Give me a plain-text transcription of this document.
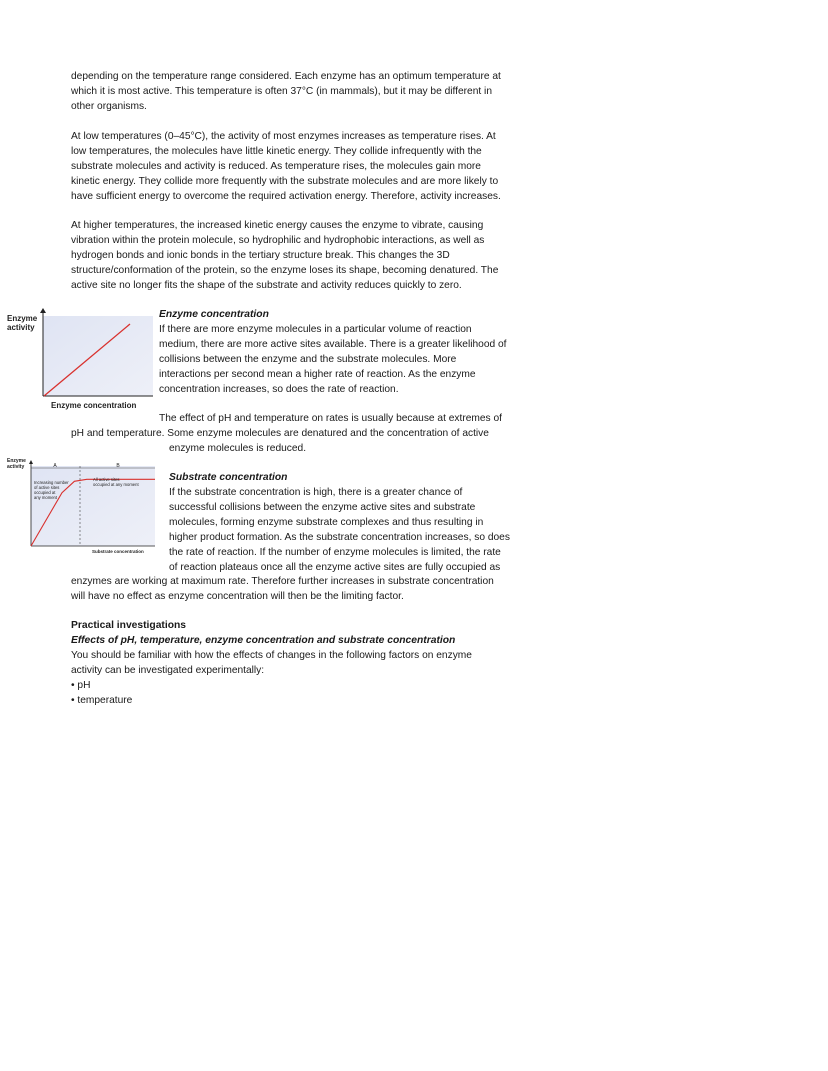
depending on the temperature range considered. Each enzyme has an optimum temperature at
which it is most active. This temperature is often 37°C (in mammals), but it may be different in
other organisms.
At low temperatures (0–45°C), the activity of most enzymes increases as temperature rises. At
low temperatures, the molecules have little kinetic energy. They collide infrequently with the
substrate molecules and activity is reduced. As temperature rises, the molecules gain more
kinetic energy. They collide more frequently with the substrate molecules and are more likely to
have sufficient energy to overcome the required activation energy. Therefore, activity increases.
At higher temperatures, the increased kinetic energy causes the enzyme to vibrate, causing
vibration within the protein molecule, so hydrophilic and hydrophobic interactions, as well as
hydrogen bonds and ionic bonds in the tertiary structure break. This changes the 3D
structure/conformation of the protein, so the enzyme loses its shape, becoming denatured. The
active site no longer fits the shape of the substrate and activity reduces quickly to zero.
Enzyme
activity
Enzyme concentration
Enzyme concentration
If there are more enzyme molecules in a particular volume of reaction
medium, there are more active sites available. There is a greater likelihood of
collisions between the enzyme and the substrate molecules. More
interactions per second mean a higher rate of reaction. As the enzyme
concentration increases, so does the rate of reaction.
The effect of pH and temperature on rates is usually because at extremes of
pH and temperature. Some enzyme molecules are denatured and the concentration of active
enzyme molecules is reduced.
Enzyme
activity	A	B
Increasing number
of active sites
occupied at
any moment
All active sites
occupied at any moment
Substrate concentration
Substrate concentration
If the substrate concentration is high, there is a greater chance of
successful collisions between the enzyme active sites and substrate
molecules, forming enzyme substrate complexes and thus resulting in
higher product formation. As the substrate concentration increases, so does
the rate of reaction. If the number of enzyme molecules is limited, the rate
of reaction plateaus once all the enzyme active sites are fully occupied as
enzymes are working at maximum rate. Therefore further increases in substrate concentration
will have no effect as enzyme concentration will then be the limiting factor.
Practical investigations
Effects of pH, temperature, enzyme concentration and substrate concentration
You should be familiar with how the effects of changes in the following factors on enzyme
activity can be investigated experimentally:
• pH
• temperature
